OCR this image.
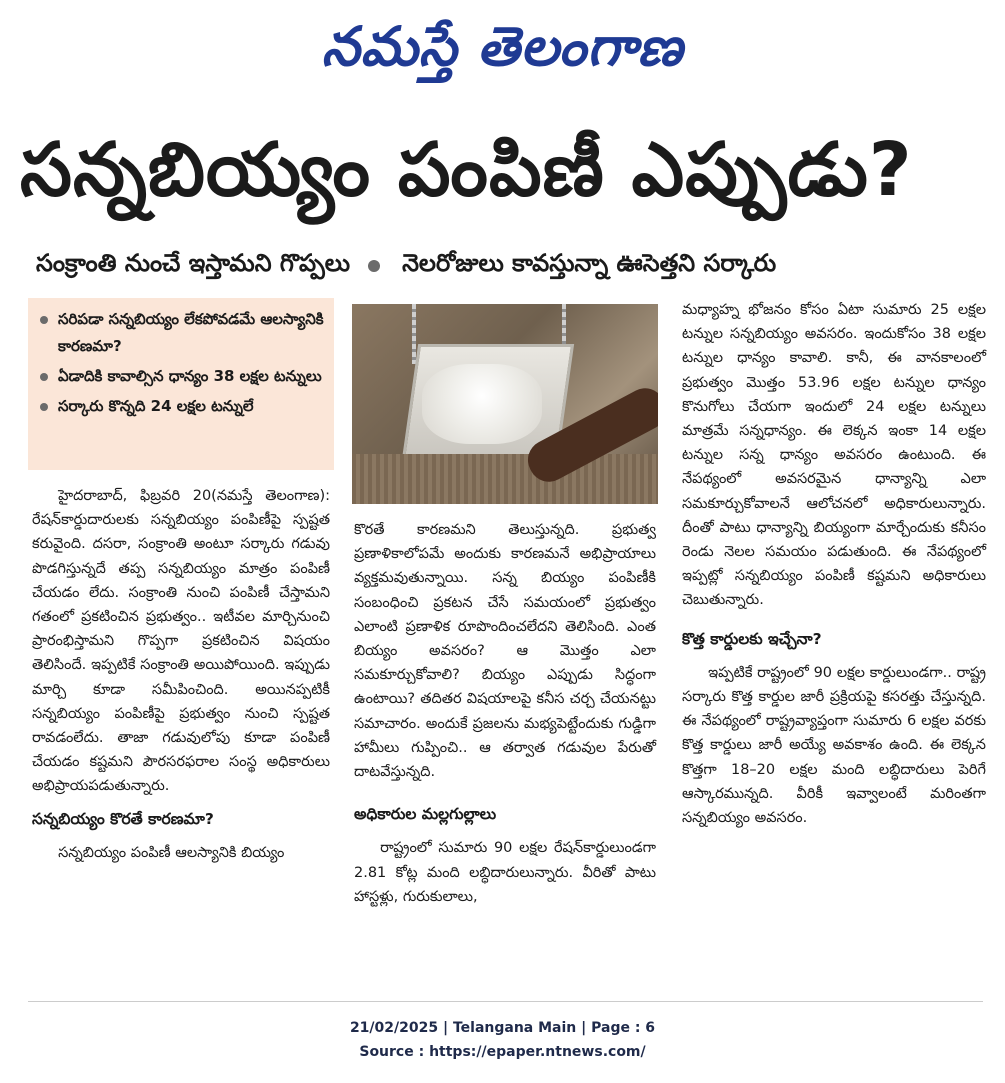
నమస్తే తెలంగాణ
సన్నబియ్యం పంపిణీ ఎప్పుడు?
సంక్రాంతి నుంచే ఇస్తామని గొప్పలు నెలరోజులు కావస్తున్నా ఊసెత్తని సర్కారు
సరిపడా సన్నబియ్యం లేకపోవడమే ఆలస్యానికి కారణమా?
ఏడాదికి కావాల్సిన ధాన్యం 38 లక్షల టన్నులు
సర్కారు కొన్నది 24 లక్షల టన్నులే

హైదరాబాద్, ఫిబ్రవరి 20(నమస్తే తెలంగాణ): రేషన్‌కార్డుదారులకు సన్నబియ్యం పంపిణీపై స్పష్టత కరువైంది. దసరా, సంక్రాంతి అంటూ సర్కారు గడువు పొడగిస్తున్నదే తప్ప సన్నబియ్యం మాత్రం పంపిణీ చేయడం లేదు. సంక్రాంతి నుంచి పంపిణీ చేస్తామని గతంలో ప్రకటించిన ప్రభుత్వం.. ఇటీవల మార్చినుంచి ప్రారంభిస్తామని గొప్పగా ప్రకటించిన విషయం తెలిసిందే. ఇప్పటికే సంక్రాంతి అయిపోయింది. ఇప్పుడు మార్చి కూడా సమీపించింది. అయినప్పటికీ సన్నబియ్యం పంపిణీపై ప్రభుత్వం నుంచి స్పష్టత రావడంలేదు. తాజా గడువులోపు కూడా పంపిణీ చేయడం కష్టమని పౌరసరఫరాల సంస్థ అధికారులు అభిప్రాయపడుతున్నారు.

సన్నబియ్యం కొరతే కారణమా?

సన్నబియ్యం పంపిణీ ఆలస్యానికి బియ్యం

కొరతే కారణమని తెలుస్తున్నది. ప్రభుత్వ ప్రణాళికాలోపమే అందుకు కారణమనే అభిప్రాయాలు వ్యక్తమవుతున్నాయి. సన్న బియ్యం పంపిణీకి సంబంధించి ప్రకటన చేసే సమయంలో ప్రభుత్వం ఎలాంటి ప్రణాళిక రూపొందించలేదని తెలిసింది. ఎంత బియ్యం అవసరం? ఆ మొత్తం ఎలా సమకూర్చుకోవాలి? బియ్యం ఎప్పుడు సిద్ధంగా ఉంటాయి? తదితర విషయాలపై కనీస చర్చ చేయనట్టు సమాచారం. అందుకే ప్రజలను మభ్యపెట్టేందుకు గుడ్డిగా హామీలు గుప్పించి.. ఆ తర్వాత గడువుల పేరుతో దాటవేస్తున్నది.

అధికారుల మల్లగుల్లాలు

రాష్ట్రంలో సుమారు 90 లక్షల రేషన్‌కార్డులుండగా 2.81 కోట్ల మంది లబ్ధిదారులున్నారు. వీరితో పాటు హాస్టళ్లు, గురుకులాలు,

మధ్యాహ్న భోజనం కోసం ఏటా సుమారు 25 లక్షల టన్నుల సన్నబియ్యం అవసరం. ఇందుకోసం 38 లక్షల టన్నుల ధాన్యం కావాలి. కానీ, ఈ వానకాలంలో ప్రభుత్వం మొత్తం 53.96 లక్షల టన్నుల ధాన్యం కొనుగోలు చేయగా ఇందులో 24 లక్షల టన్నులు మాత్రమే సన్నధాన్యం. ఈ లెక్కన ఇంకా 14 లక్షల టన్నుల సన్న ధాన్యం అవసరం ఉంటుంది. ఈ నేపథ్యంలో అవసరమైన ధాన్యాన్ని ఎలా సమకూర్చుకోవాలనే ఆలోచనలో అధికారులున్నారు. దీంతో పాటు ధాన్యాన్ని బియ్యంగా మార్చేందుకు కనీసం రెండు నెలల సమయం పడుతుంది. ఈ నేపథ్యంలో ఇప్పట్లో సన్నబియ్యం పంపిణీ కష్టమని అధికారులు చెబుతున్నారు.

కొత్త కార్డులకు ఇచ్చేనా?

ఇప్పటికే రాష్ట్రంలో 90 లక్షల కార్డులుండగా.. రాష్ట్ర సర్కారు కొత్త కార్డుల జారీ ప్రక్రియపై కసరత్తు చేస్తున్నది. ఈ నేపథ్యంలో రాష్ట్రవ్యాప్తంగా సుమారు 6 లక్షల వరకు కొత్త కార్డులు జారీ అయ్యే అవకాశం ఉంది. ఈ లెక్కన కొత్తగా 18–20 లక్షల మంది లబ్ధిదారులు పెరిగే ఆస్కారమున్నది. వీరికీ ఇవ్వాలంటే మరింతగా సన్నబియ్యం అవసరం.

21/02/2025 | Telangana Main | Page : 6
Source : https://epaper.ntnews.com/
